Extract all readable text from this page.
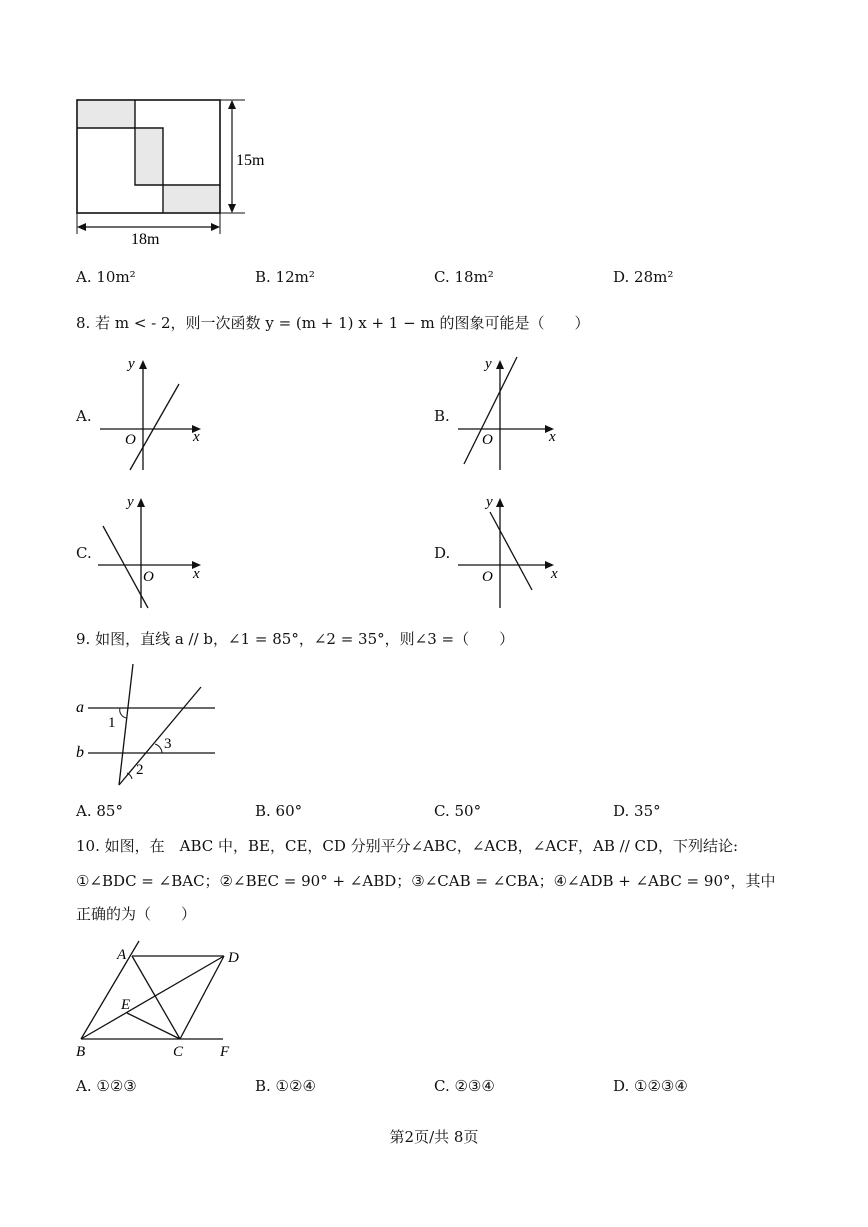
15m
18m
A. 10m²	B. 12m²	C. 18m²	D. 28m²
8. 若 m < - 2，则一次函数 y = (m + 1) x + 1 − m 的图象可能是（　　）
A.
x
y
O
B.
x
y
O
C.
x
y
O
D.
x
y
O
9. 如图，直线 a // b，∠1 = 85°，∠2 = 35°，则∠3 =（　　）
a
b
1
2
3
A. 85°	B. 60°	C. 50°	D. 35°
10. 如图，在　ABC 中，BE，CE，CD 分别平分∠ABC，∠ACB，∠ACF，AB // CD，下列结论:
①∠BDC = ∠BAC；②∠BEC = 90° + ∠ABD；③∠CAB = ∠CBA；④∠ADB + ∠ABC = 90°，其中
正确的为（　　）
A	D
E
B	C F
A. ①②③	B. ①②④	C. ②③④	D. ①②③④
第2页/共 8页
